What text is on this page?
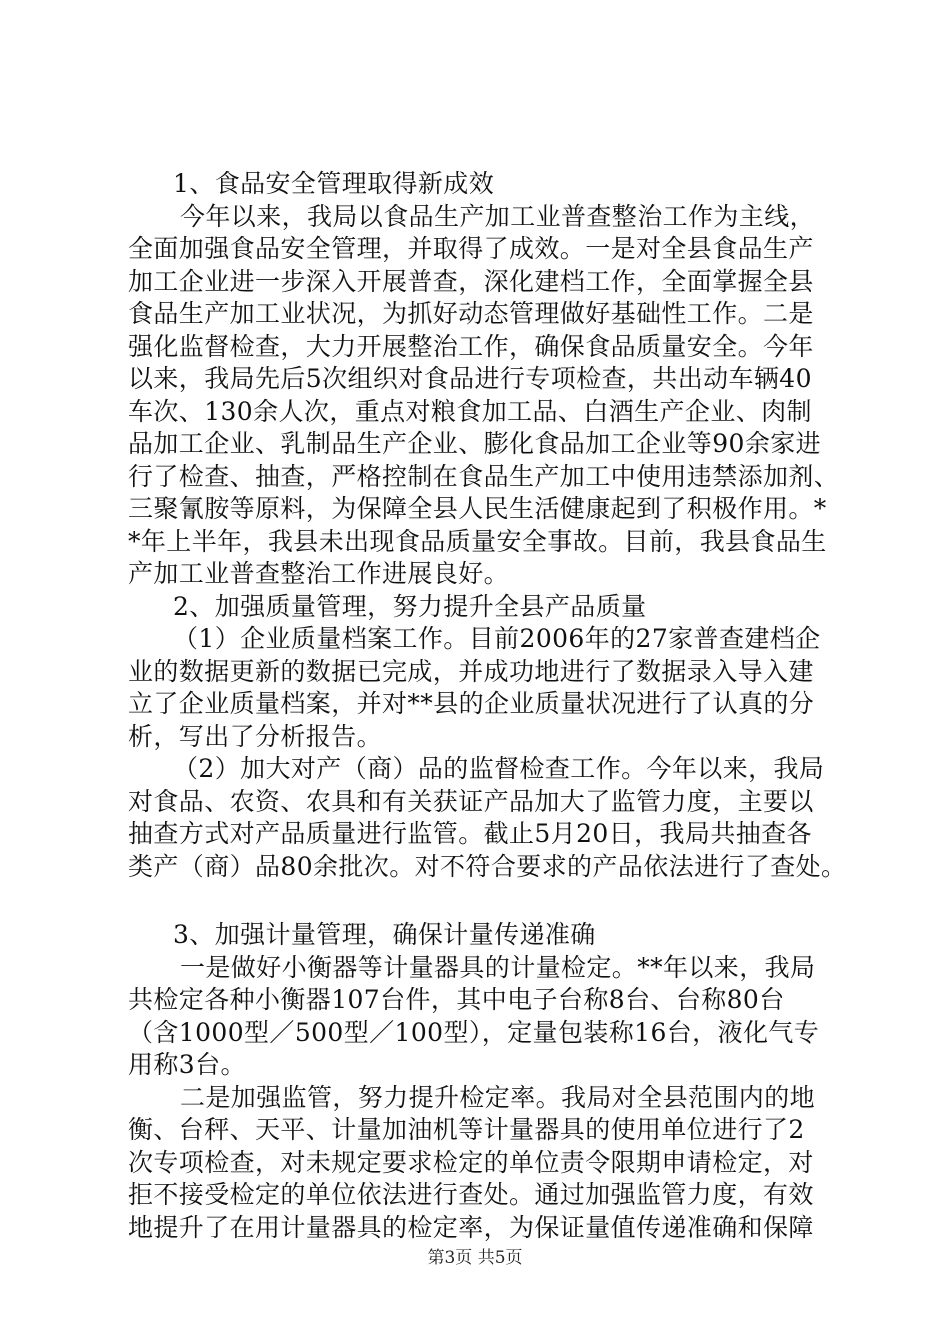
1、食品安全管理取得新成效
今年以来，我局以食品生产加工业普查整治工作为主线，
全面加强食品安全管理，并取得了成效。一是对全县食品生产
加工企业进一步深入开展普查，深化建档工作，全面掌握全县
食品生产加工业状况，为抓好动态管理做好基础性工作。二是
强化监督检查，大力开展整治工作，确保食品质量安全。今年
以来，我局先后5次组织对食品进行专项检查，共出动车辆40
车次、130余人次，重点对粮食加工品、白酒生产企业、肉制
品加工企业、乳制品生产企业、膨化食品加工企业等90余家进
行了检查、抽查，严格控制在食品生产加工中使用违禁添加剂、
三聚氰胺等原料，为保障全县人民生活健康起到了积极作用。*
*年上半年，我县未出现食品质量安全事故。目前，我县食品生
产加工业普查整治工作进展良好。
2、加强质量管理，努力提升全县产品质量
（1）企业质量档案工作。目前2006年的27家普查建档企
业的数据更新的数据已完成，并成功地进行了数据录入导入建
立了企业质量档案，并对**县的企业质量状况进行了认真的分
析，写出了分析报告。
（2）加大对产（商）品的监督检查工作。今年以来，我局
对食品、农资、农具和有关获证产品加大了监管力度，主要以
抽查方式对产品质量进行监管。截止5月20日，我局共抽查各
类产（商）品80余批次。对不符合要求的产品依法进行了查处。
3、加强计量管理，确保计量传递准确
一是做好小衡器等计量器具的计量检定。**年以来，我局
共检定各种小衡器107台件，其中电子台称8台、台称80台
（含1000型／500型／100型），定量包装称16台，液化气专
用称3台。
二是加强监管，努力提升检定率。我局对全县范围内的地
衡、台秤、天平、计量加油机等计量器具的使用单位进行了2
次专项检查，对未规定要求检定的单位责令限期申请检定，对
拒不接受检定的单位依法进行查处。通过加强监管力度，有效
地提升了在用计量器具的检定率，为保证量值传递准确和保障
第3页 共5页
